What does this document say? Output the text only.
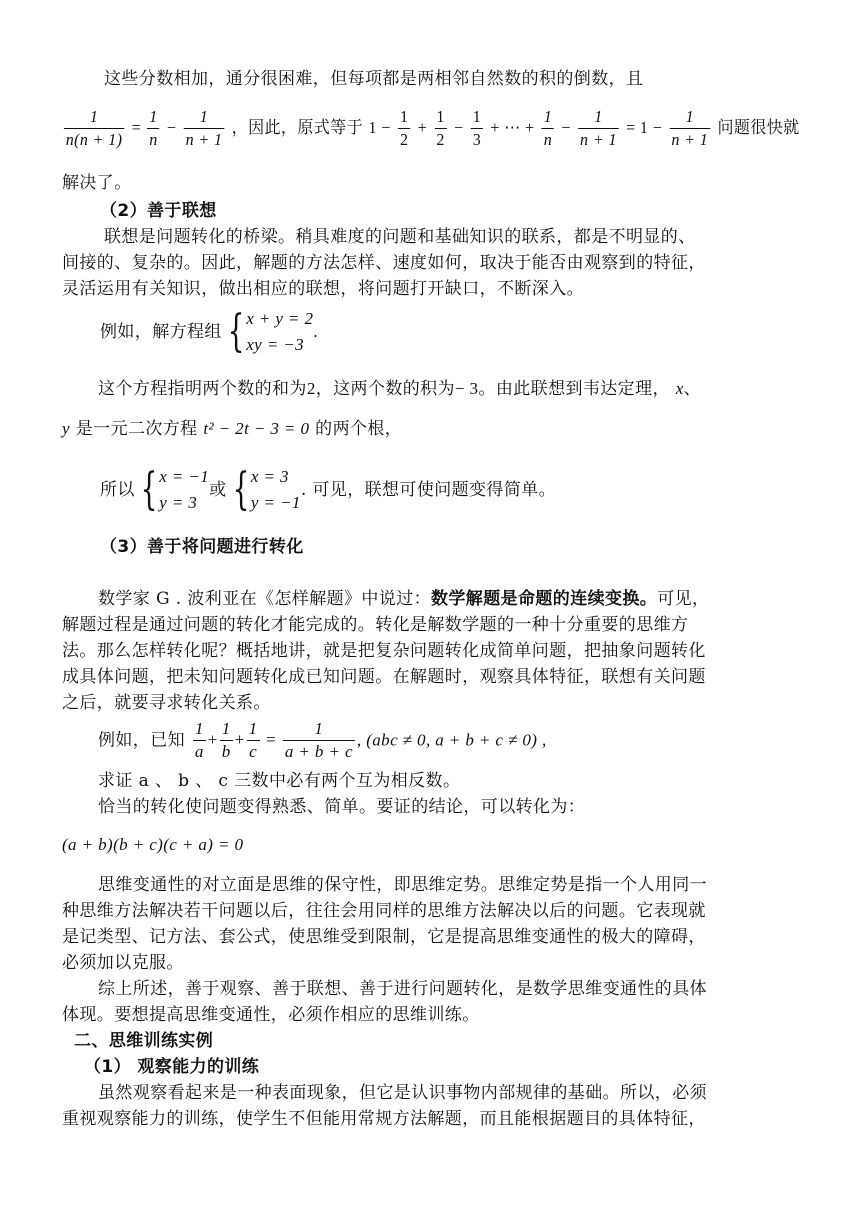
这些分数相加，通分很困难，但每项都是两相邻自然数的积的倒数，且
$\frac{1}{n(n + 1)} = \frac{1}{n} - \frac{1}{n + 1}$ ，因此，原式等于 $1 - \frac{1}{2} + \frac{1}{2} - \frac{1}{3}$ + ⋯ + $\frac{1}{n} - \frac{1}{n + 1} = 1 - \frac{1}{n + 1}$ 问题很快就
解决了。
（2）善于联想
联想是问题转化的桥梁。稍具难度的问题和基础知识的联系，都是不明显的、
间接的、复杂的。因此，解题的方法怎样、速度如何，取决于能否由观察到的特征，
灵活运用有关知识，做出相应的联想，将问题打开缺口，不断深入。
例如，解方程组 { x + y = 2
xy = −3
.
这个方程指明两个数的和为2，这两个数的积为− 3。由此联想到韦达定理， x、
y 是一元二次方程 t² − 2t − 3 = 0 的两个根，
所以 { x = −1
y = 3
或 { x = 3
y = −1
. 可见，联想可使问题变得简单。
（3）善于将问题进行转化
数学家 G . 波利亚在《怎样解题》中说过：数学解题是命题的连续变换。可见，
解题过程是通过问题的转化才能完成的。转化是解数学题的一种十分重要的思维方
法。那么怎样转化呢？概括地讲，就是把复杂问题转化成简单问题，把抽象问题转化
成具体问题，把未知问题转化成已知问题。在解题时，观察具体特征，联想有关问题
之后，就要寻求转化关系。
例如，已知 $\frac{1}{a} + \frac{1}{b} + \frac{1}{c} = \frac{1}{a + b + c}$ , (abc ≠ 0, a + b + c ≠ 0) ,
求证 a 、 b 、 c 三数中必有两个互为相反数。
恰当的转化使问题变得熟悉、简单。要证的结论，可以转化为：
(a + b)(b + c)(c + a) = 0
思维变通性的对立面是思维的保守性，即思维定势。思维定势是指一个人用同一
种思维方法解决若干问题以后，往往会用同样的思维方法解决以后的问题。它表现就
是记类型、记方法、套公式，使思维受到限制，它是提高思维变通性的极大的障碍，
必须加以克服。
综上所述，善于观察、善于联想、善于进行问题转化，是数学思维变通性的具体
体现。要想提高思维变通性，必须作相应的思维训练。
二、思维训练实例
（1） 观察能力的训练
虽然观察看起来是一种表面现象，但它是认识事物内部规律的基础。所以，必须
重视观察能力的训练，使学生不但能用常规方法解题，而且能根据题目的具体特征，
